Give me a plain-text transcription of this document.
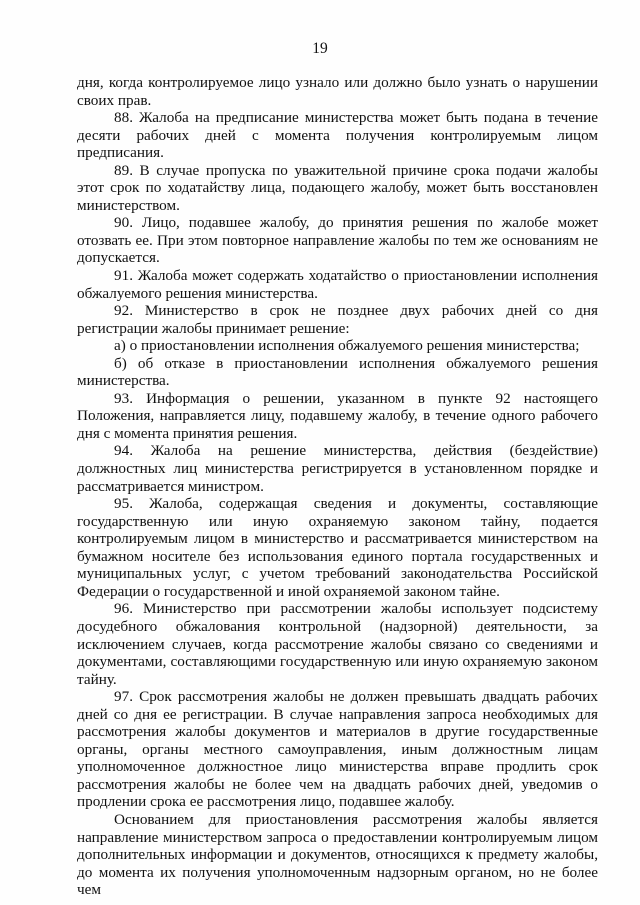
19

дня, когда контролируемое лицо узнало или должно было узнать о нарушении своих прав.

88. Жалоба на предписание министерства может быть подана в течение десяти рабочих дней с момента получения контролируемым лицом предписания.

89. В случае пропуска по уважительной причине срока подачи жалобы этот срок по ходатайству лица, подающего жалобу, может быть восстановлен министерством.

90. Лицо, подавшее жалобу, до принятия решения по жалобе может отозвать ее. При этом повторное направление жалобы по тем же основаниям не допускается.

91. Жалоба может содержать ходатайство о приостановлении исполнения обжалуемого решения министерства.

92. Министерство в срок не позднее двух рабочих дней со дня регистрации жалобы принимает решение:

а) о приостановлении исполнения обжалуемого решения министерства;

б) об отказе в приостановлении исполнения обжалуемого решения министерства.

93. Информация о решении, указанном в пункте 92 настоящего Положения, направляется лицу, подавшему жалобу, в течение одного рабочего дня с момента принятия решения.

94. Жалоба на решение министерства, действия (бездействие) должностных лиц министерства регистрируется в установленном порядке и рассматривается министром.

95. Жалоба, содержащая сведения и документы, составляющие государственную или иную охраняемую законом тайну, подается контролируемым лицом в министерство и рассматривается министерством на бумажном носителе без использования единого портала государственных и муниципальных услуг, с учетом требований законодательства Российской Федерации о государственной и иной охраняемой законом тайне.

96. Министерство при рассмотрении жалобы использует подсистему досудебного обжалования контрольной (надзорной) деятельности, за исключением случаев, когда рассмотрение жалобы связано со сведениями и документами, составляющими государственную или иную охраняемую законом тайну.

97. Срок рассмотрения жалобы не должен превышать двадцать рабочих дней со дня ее регистрации. В случае направления запроса необходимых для рассмотрения жалобы документов и материалов в другие государственные органы, органы местного самоуправления, иным должностным лицам уполномоченное должностное лицо министерства вправе продлить срок рассмотрения жалобы не более чем на двадцать рабочих дней, уведомив о продлении срока ее рассмотрения лицо, подавшее жалобу.

Основанием для приостановления рассмотрения жалобы является направление министерством запроса о предоставлении контролируемым лицом дополнительных информации и документов, относящихся к предмету жалобы, до момента их получения уполномоченным надзорным органом, но не более чем
